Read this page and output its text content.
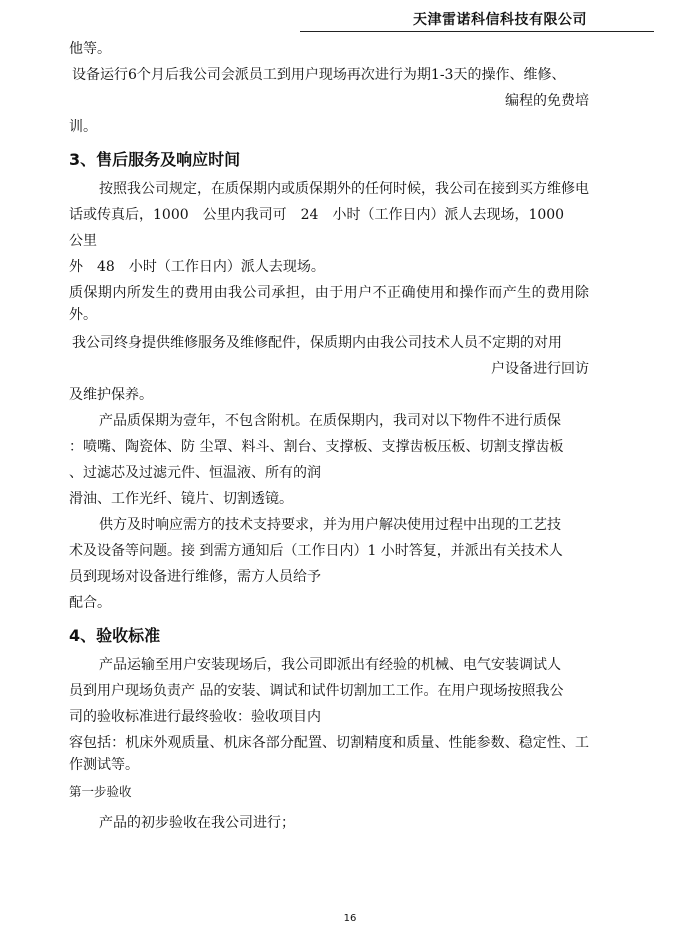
天津雷诺科信科技有限公司

他等。

设备运行6个月后我公司会派员工到用户现场再次进行为期1-3天的操作、维修、

编程的免费培

训。

3、售后服务及响应时间

按照我公司规定，在质保期内或质保期外的任何时候，我公司在接到买方维修电

话或传真后，1000　公里内我司可　24　小时（工作日内）派人去现场，1000　公里

外　48　小时（工作日内）派人去现场。

质保期内所发生的费用由我公司承担，由于用户不正确使用和操作而产生的费用除外。

我公司终身提供维修服务及维修配件，保质期内由我公司技术人员不定期的对用

户设备进行回访

及维护保养。

产品质保期为壹年，不包含附机。在质保期内，我司对以下物件不进行质保

：喷嘴、陶瓷体、防 尘罩、料斗、割台、支撑板、支撑齿板压板、切割支撑齿板

、过滤芯及过滤元件、恒温液、所有的润

滑油、工作光纤、镜片、切割透镜。

供方及时响应需方的技术支持要求，并为用户解决使用过程中出现的工艺技

术及设备等问题。接 到需方通知后（工作日内）1 小时答复，并派出有关技术人

员到现场对设备进行维修，需方人员给予

配合。

4、验收标准

产品运输至用户安装现场后，我公司即派出有经验的机械、电气安装调试人

员到用户现场负责产 品的安装、调试和试件切割加工工作。在用户现场按照我公

司的验收标准进行最终验收：验收项目内

容包括：机床外观质量、机床各部分配置、切割精度和质量、性能参数、稳定性、工作测试等。

第一步验收

产品的初步验收在我公司进行；

16
